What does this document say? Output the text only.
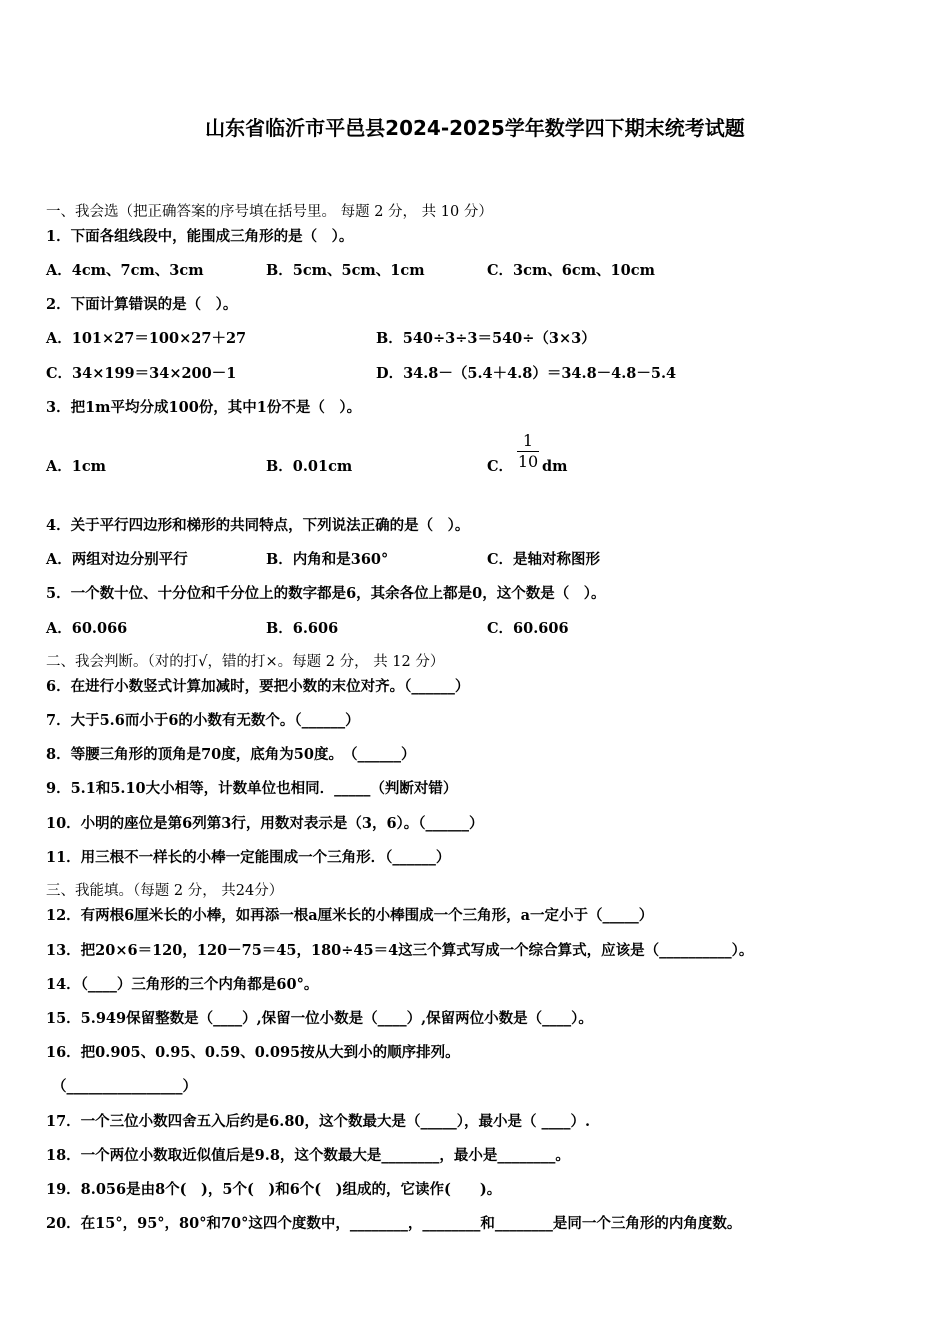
山东省临沂市平邑县2024-2025学年数学四下期末统考试题
一、我会选（把正确答案的序号填在括号里。 每题 2 分， 共 10 分）
1．下面各组线段中，能围成三角形的是（　）。
A．4cm、7cm、3cm	B．5cm、5cm、1cm	C．3cm、6cm、10cm
2．下面计算错误的是（　）。
A．101×27＝100×27＋27	B．540÷3÷3＝540÷（3×3）
C．34×199＝34×200－1	D．34.8－（5.4＋4.8）＝34.8－4.8－5.4
3．把1m平均分成100份，其中1份不是（　）。
A．1cm	B．0.01cm	C．
1
10 dm
4．关于平行四边形和梯形的共同特点，下列说法正确的是（　）。
A．两组对边分别平行	B．内角和是360°	C．是轴对称图形
5．一个数十位、十分位和千分位上的数字都是6，其余各位上都是0，这个数是（　）。
A．60.066	B．6.606	C．60.606
二、我会判断。（对的打√，错的打×。每题 2 分， 共 12 分）
6．在进行小数竖式计算加减时，要把小数的末位对齐。（______）
7．大于5.6而小于6的小数有无数个。（______）
8．等腰三角形的顶角是70度，底角为50度。　（______）
9．5.1和5.10大小相等，计数单位也相同．_____（判断对错）
10．小明的座位是第6列第3行，用数对表示是（3，6）。（______）
11．用三根不一样长的小棒一定能围成一个三角形．（______）
三、我能填。（每题 2 分， 共24分）
12．有两根6厘米长的小棒，如再添一根a厘米长的小棒围成一个三角形，a一定小于（_____）
13．把20×6＝120，120－75＝45，180÷45＝4这三个算式写成一个综合算式，应该是（__________）。
14．（____）三角形的三个内角都是60°。
15．5.949保留整数是（____）,保留一位小数是（____）,保留两位小数是（____）。
16．把0.905、0.95、0.59、0.095按从大到小的顺序排列。
（________________）
17．一个三位小数四舍五入后约是6.80，这个数最大是（_____），最小是（ ____）.
18．一个两位小数取近似值后是9.8，这个数最大是________，最小是________。
19．8.056是由8个(　)，5个(　)和6个(　)组成的，它读作(　　)。
20．在15°，95°，80°和70°这四个度数中，________，________和________是同一个三角形的内角度数。
